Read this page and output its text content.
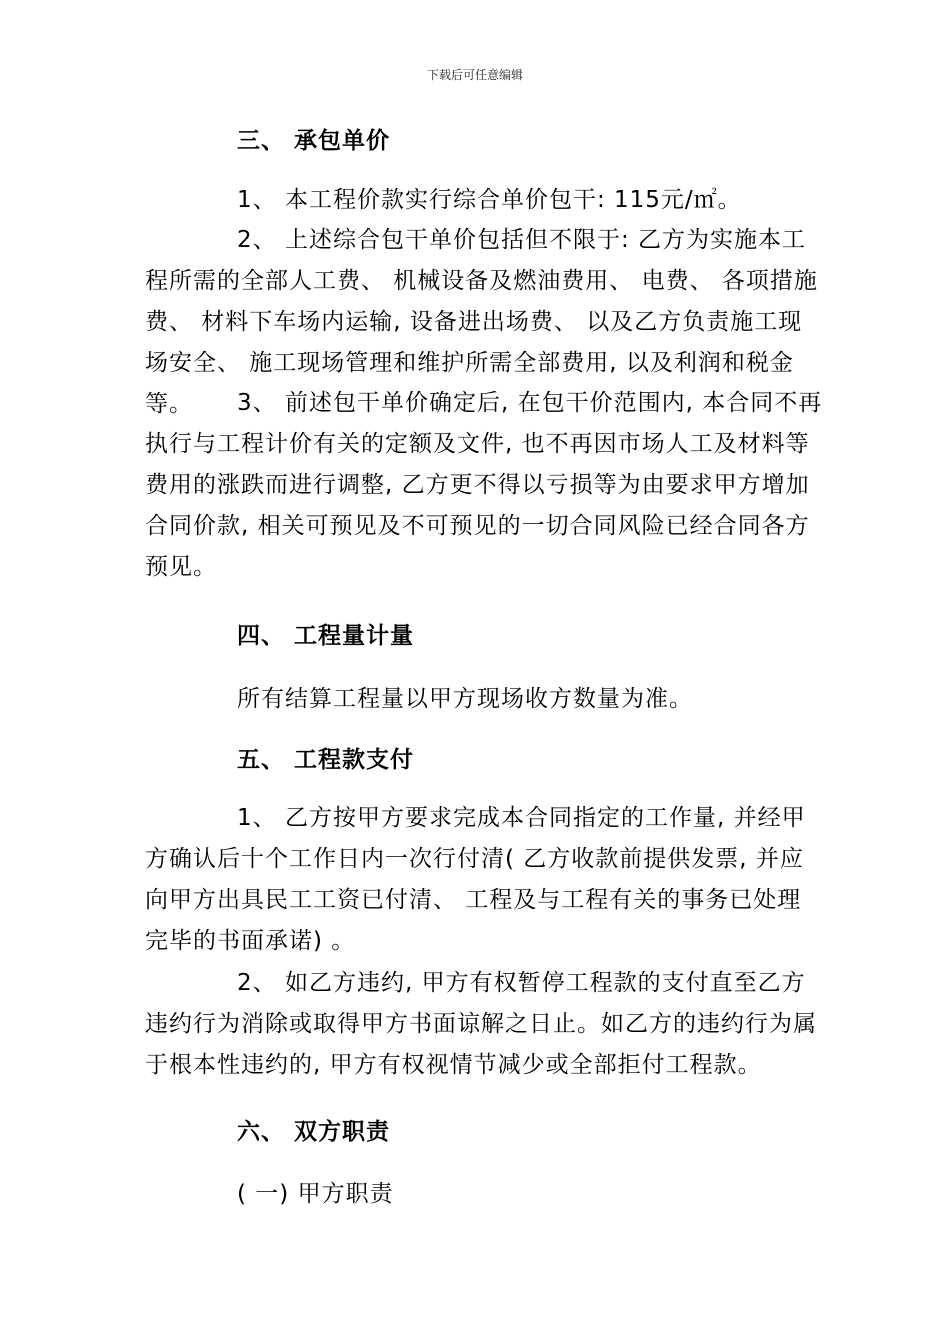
下载后可任意编辑
三、 承包单价
1、 本工程价款实行综合单价包干: 115元/㎡。
2、 上述综合包干单价包括但不限于: 乙方为实施本工程所需的全部人工费、 机械设备及燃油费用、 电费、 各项措施费、 材料下车场内运输, 设备进出场费、 以及乙方负责施工现场安全、 施工现场管理和维护所需全部费用, 以及利润和税金等。	3、 前述包干单价确定后, 在包干价范围内, 本合同不再执行与工程计价有关的定额及文件, 也不再因市场人工及材料等费用的涨跌而进行调整, 乙方更不得以亏损等为由要求甲方增加合同价款, 相关可预见及不可预见的一切合同风险已经合同各方预见。
四、 工程量计量
所有结算工程量以甲方现场收方数量为准。
五、 工程款支付
1、 乙方按甲方要求完成本合同指定的工作量, 并经甲方确认后十个工作日内一次行付清( 乙方收款前提供发票, 并应向甲方出具民工工资已付清、 工程及与工程有关的事务已处理完毕的书面承诺) 。
2、 如乙方违约, 甲方有权暂停工程款的支付直至乙方违约行为消除或取得甲方书面谅解之日止。如乙方的违约行为属于根本性违约的, 甲方有权视情节减少或全部拒付工程款。
六、 双方职责
( 一) 甲方职责
